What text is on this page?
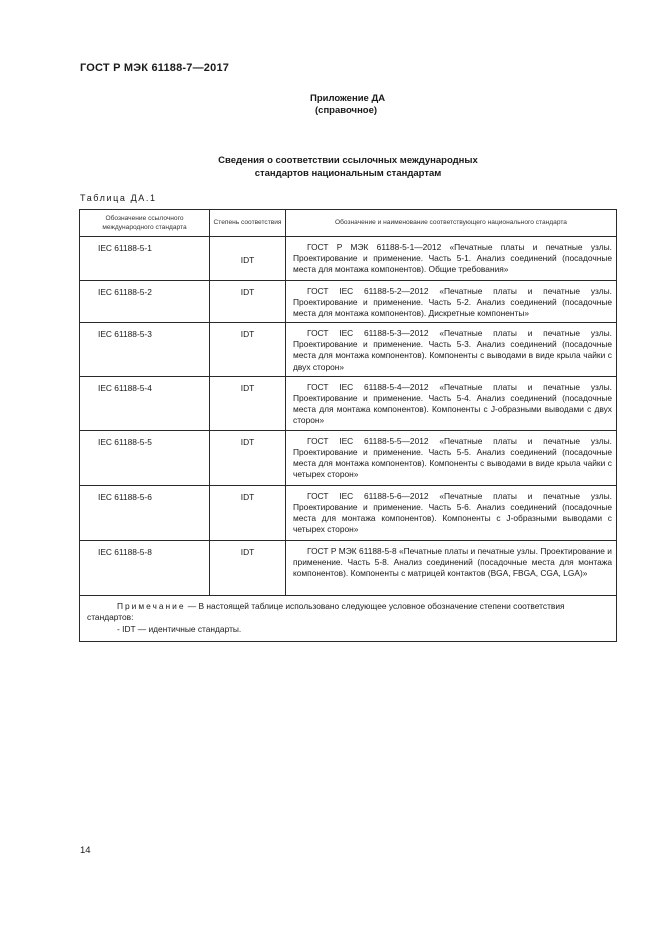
ГОСТ Р МЭК 61188-7—2017
Приложение ДА
(справочное)
Сведения о соответствии ссылочных международных
стандартов национальным стандартам
Таблица ДА.1
Обозначение ссылочного международного стандарта	Степень соответствия	Обозначение и наименование соответствующего национального стандарта
IEC 61188-5-1	IDT	ГОСТ Р МЭК 61188-5-1—2012 «Печатные платы и печатные узлы. Проектирование и применение. Часть 5-1. Анализ соединений (посадочные места для монтажа компонентов). Общие требования»

IEC 61188-5-2	IDT	ГОСТ IEC 61188-5-2—2012 «Печатные платы и печатные узлы. Проектирование и применение. Часть 5-2. Анализ соединений (посадочные места для монтажа компонентов). Дискретные компоненты»

IEC 61188-5-3	IDT	ГОСТ IEC 61188-5-3—2012 «Печатные платы и печатные узлы. Проектирование и применение. Часть 5-3. Анализ соединений (посадочные места для монтажа компонентов). Компоненты с выводами в виде крыла чайки с двух сторон»

IEC 61188-5-4	IDT	ГОСТ IEC 61188-5-4—2012 «Печатные платы и печатные узлы. Проектирование и применение. Часть 5-4. Анализ соединений (посадочные места для монтажа компонентов). Компоненты с J-образными выводами с двух сторон»

IEC 61188-5-5	IDT	ГОСТ IEC 61188-5-5—2012 «Печатные платы и печатные узлы. Проектирование и применение. Часть 5-5. Анализ соединений (посадочные места для монтажа компонентов). Компоненты с выводами в виде крыла чайки с четырех сторон»

IEC 61188-5-6	IDT	ГОСТ IEC 61188-5-6—2012 «Печатные платы и печатные узлы. Проектирование и применение. Часть 5-6. Анализ соединений (посадочные места для монтажа компонентов). Компоненты с J-образными выводами с четырех сторон»

IEC 61188-5-8	IDT	ГОСТ Р МЭК 61188-5-8 «Печатные платы и печатные узлы. Проектирование и применение. Часть 5-8. Анализ соединений (посадочные места для монтажа компонентов). Компоненты с матрицей контактов (BGA, FBGA, CGA, LGA)»

Примечание — В настоящей таблице использовано следующее условное обозначение степени соответствия стандартов:
- IDT — идентичные стандарты.		
14
